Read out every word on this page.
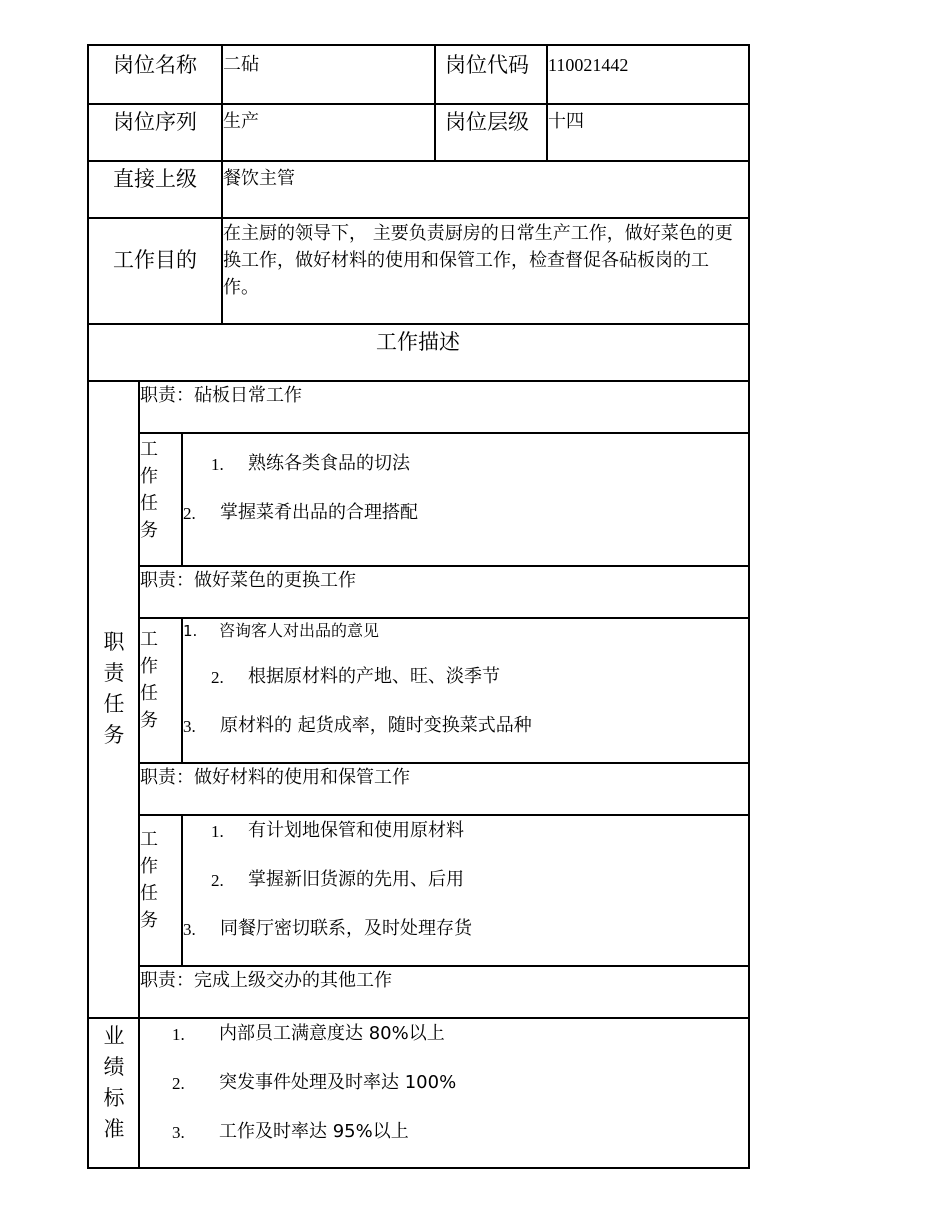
岗位名称 二砧	岗位代码 110021442
岗位序列 生产	岗位层级 十四
直接上级 餐饮主管
工作目的
在主厨的领导下， 主要负责厨房的日常生产工作，做好菜色的更换工作，做好材料的使用和保管工作，检查督促各砧板岗的工作。
工作描述
职责任务
职责：砧板日常工作
工作任务
1. 熟练各类食品的切法
2. 掌握菜肴出品的合理搭配
职责：做好菜色的更换工作
工作任务
1. 咨询客人对出品的意见
2. 根据原材料的产地、旺、淡季节
3. 原材料的 起货成率，随时变换菜式品种
职责：做好材料的使用和保管工作
工作任务
1. 有计划地保管和使用原材料
2. 掌握新旧货源的先用、后用
3. 同餐厅密切联系，及时处理存货
职责：完成上级交办的其他工作
业绩标准
1. 内部员工满意度达 80%以上
2. 突发事件处理及时率达 100%
3. 工作及时率达 95%以上
